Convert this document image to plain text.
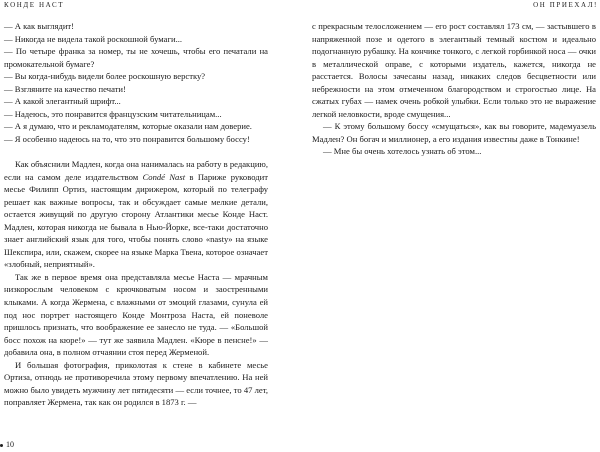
КОНДЕ НАСТ

— А как выглядит!

— Никогда не видела такой роскошной бумаги...

— По четыре франка за номер, ты не хочешь, чтобы его печатали на промокательной бумаге?

— Вы когда-нибудь видели более роскошную верстку?

— Взгляните на качество печати!

— А какой элегантный шрифт...

— Надеюсь, это понравится французским читательницам...

— А я думаю, что и рекламодателям, которые оказали нам доверие.

— Я особенно надеюсь на то, что это понравится большому боссу!

Как объяснили Мадлен, когда она нанималась на работу в редакцию, если на самом деле издательством Condé Nast в Париже руководит месье Филипп Ортиз, настоящим дирижером, который по телеграфу решает как важные вопросы, так и обсуждает самые мелкие детали, остается живущий по другую сторону Атлантики месье Конде Наст. Мадлен, которая никогда не бывала в Нью-Йорке, все-таки достаточно знает английский язык для того, чтобы понять слово «nasty» на языке Шекспира, или, скажем, скорее на языке Марка Твена, которое означает «злобный, неприятный».

Так же в первое время она представляла месье Наста — мрачным низкорослым человеком с крючковатым носом и заостренными клыками. А когда Жермена, с влажными от эмоций глазами, сунула ей под нос портрет настоящего Конде Монтроза Наста, ей поневоле пришлось признать, что воображение ее занесло не туда. — «Большой босс похож на кюре!» — тут же заявила Мадлен. «Кюре в пенсне!» — добавила она, в полном отчаянии стоя перед Жерменой.

И большая фотография, приколотая к стене в кабинете месье Ортиза, отнюдь не противоречила этому первому впечатлению. На ней можно было увидеть мужчину лет пятидесяти — если точнее, то 47 лет, поправляет Жермена, так как он родился в 1873 г. —

10
ОН ПРИЕХАЛ!

с прекрасным телосложением — его рост составлял 173 см, — застывшего в напряженной позе и одетого в элегантный темный костюм и идеально подогнанную рубашку. На кончике тонкого, с легкой горбинкой носа — очки в металлической оправе, с которыми издатель, кажется, никогда не расстается. Волосы зачесаны назад, никаких следов бесцветности или небрежности на этом отмеченном благородством и строгостью лице. На сжатых губах — намек очень робкой улыбки. Если только это не выражение легкой неловкости, вроде смущения...

— К этому большому боссу «смущаться», как вы говорите, мадемуазель Мадлен? Он богач и миллионер, а его издания известны даже в Тонкине!

— Мне бы очень хотелось узнать об этом...
